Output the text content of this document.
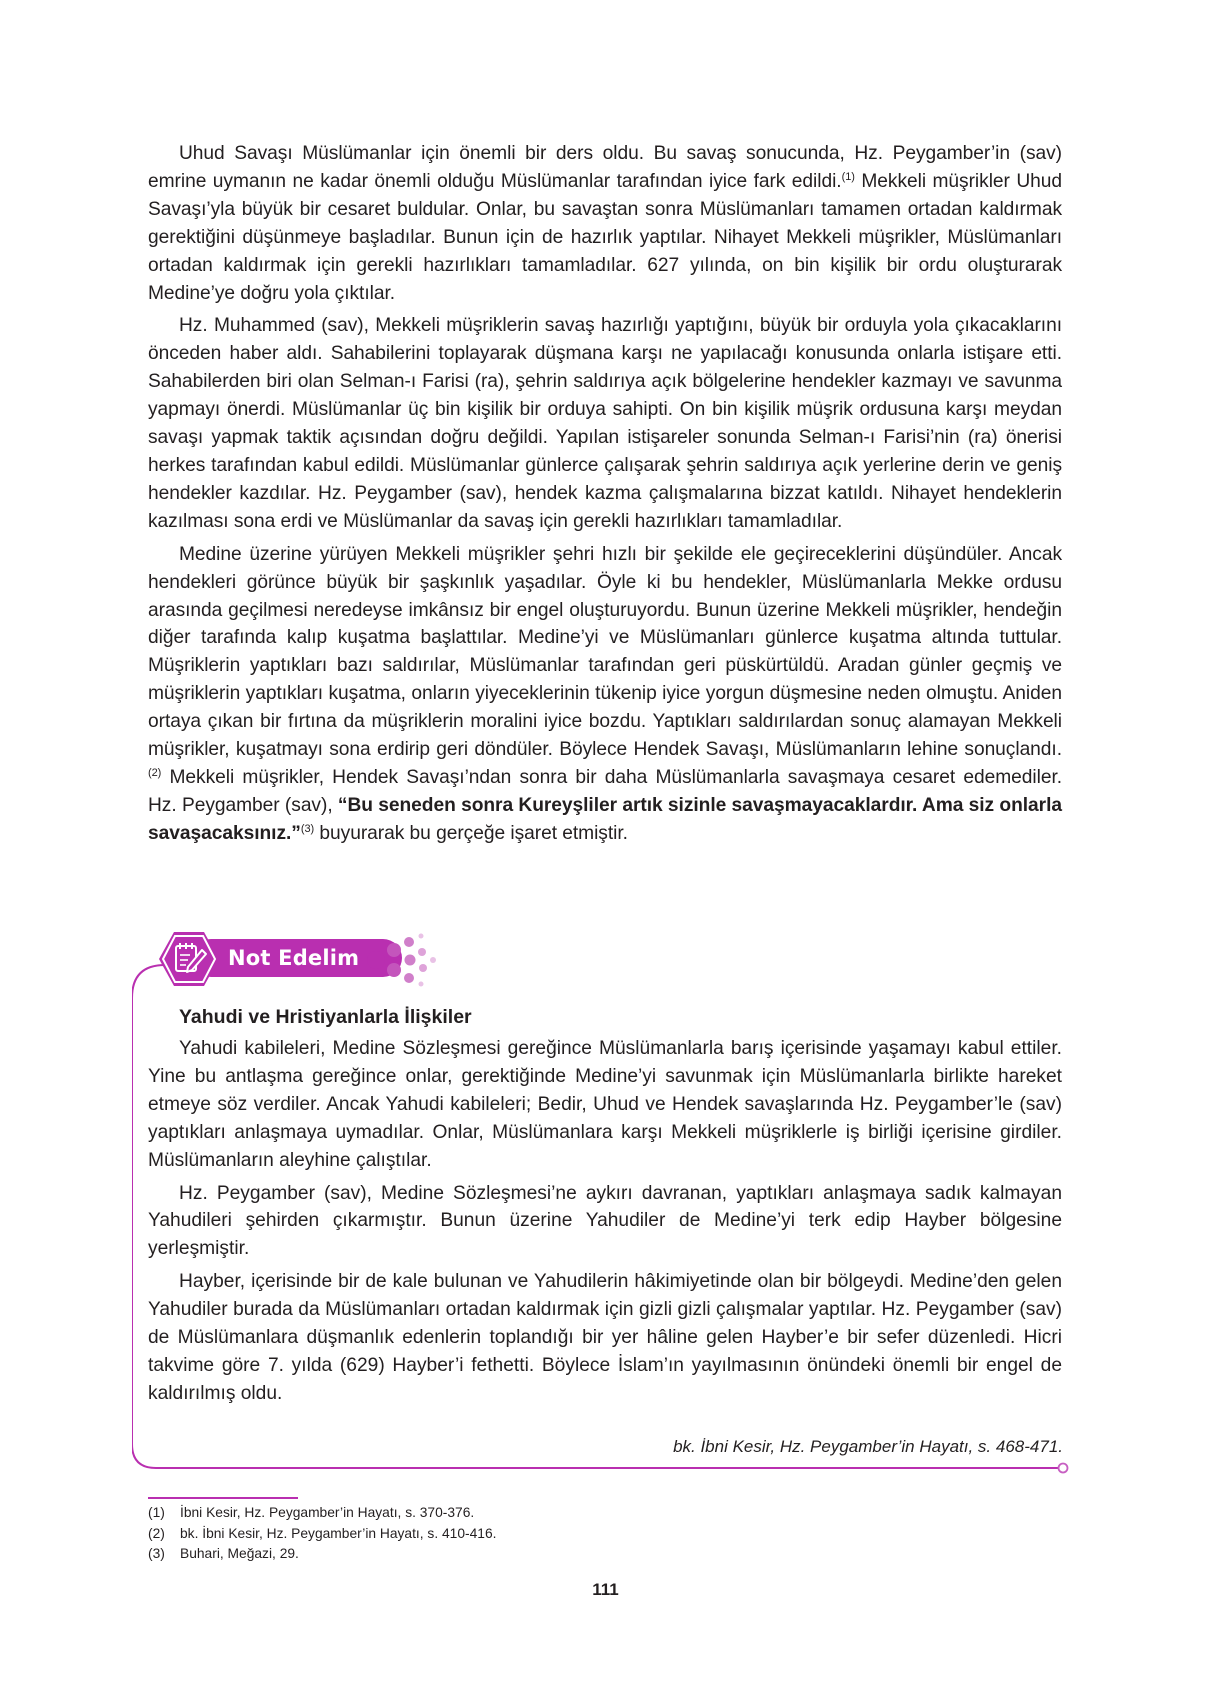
Uhud Savaşı Müslümanlar için önemli bir ders oldu. Bu savaş sonucunda, Hz. Peygamber’in (sav) emrine uymanın ne kadar önemli olduğu Müslümanlar tarafından iyice fark edildi.$^{(1)}$ Mekkeli müşrikler Uhud Savaşı’yla büyük bir cesaret buldular. Onlar, bu savaştan sonra Müslümanları tamamen ortadan kaldırmak gerektiğini düşünmeye başladılar. Bunun için de hazırlık yaptılar. Nihayet Mekkeli müşrikler, Müslümanları ortadan kaldırmak için gerekli hazırlıkları tamamladılar. 627 yılında, on bin kişilik bir ordu oluşturarak Medine’ye doğru yola çıktılar.

Hz. Muhammed (sav), Mekkeli müşriklerin savaş hazırlığı yaptığını, büyük bir orduyla yola çıkacaklarını önceden haber aldı. Sahabilerini toplayarak düşmana karşı ne yapılacağı konusunda onlarla istişare etti. Sahabilerden biri olan Selman-ı Farisi (ra), şehrin saldırıya açık bölgelerine hendekler kazmayı ve savunma yapmayı önerdi. Müslümanlar üç bin kişilik bir orduya sahipti. On bin kişilik müşrik ordusuna karşı meydan savaşı yapmak taktik açısından doğru değildi. Yapılan istişareler sonunda Selman-ı Farisi’nin (ra) önerisi herkes tarafından kabul edildi. Müslümanlar günlerce çalışarak şehrin saldırıya açık yerlerine derin ve geniş hendekler kazdılar. Hz. Peygamber (sav), hendek kazma çalışmalarına bizzat katıldı. Nihayet hendeklerin kazılması sona erdi ve Müslümanlar da savaş için gerekli hazırlıkları tamamladılar.

Medine üzerine yürüyen Mekkeli müşrikler şehri hızlı bir şekilde ele geçireceklerini düşündüler. Ancak hendekleri görünce büyük bir şaşkınlık yaşadılar. Öyle ki bu hendekler, Müslümanlarla Mekke ordusu arasında geçilmesi neredeyse imkânsız bir engel oluşturuyordu. Bunun üzerine Mekkeli müşrikler, hendeğin diğer tarafında kalıp kuşatma başlattılar. Medine’yi ve Müslümanları günlerce kuşatma altında tuttular. Müşriklerin yaptıkları bazı saldırılar, Müslümanlar tarafından geri püskürtüldü. Aradan günler geçmiş ve müşriklerin yaptıkları kuşatma, onların yiyeceklerinin tükenip iyice yorgun düşmesine neden olmuştu. Aniden ortaya çıkan bir fırtına da müşriklerin moralini iyice bozdu. Yaptıkları saldırılardan sonuç alamayan Mekkeli müşrikler, kuşatmayı sona erdirip geri döndüler. Böylece Hendek Savaşı, Müslümanların lehine sonuçlandı.$^{(2)}$ Mekkeli müşrikler, Hendek Savaşı’ndan sonra bir daha Müslümanlarla savaşmaya cesaret edemediler. Hz. Peygamber (sav), “Bu seneden sonra Kureyşliler artık sizinle savaşmayacaklardır. Ama siz onlarla savaşacaksınız.”$^{(3)}$ buyurarak bu gerçeğe işaret etmiştir.

Not Edelim

Yahudi ve Hristiyanlarla İlişkiler

Yahudi kabileleri, Medine Sözleşmesi gereğince Müslümanlarla barış içerisinde yaşamayı kabul ettiler. Yine bu antlaşma gereğince onlar, gerektiğinde Medine’yi savunmak için Müslümanlarla birlikte hareket etmeye söz verdiler. Ancak Yahudi kabileleri; Bedir, Uhud ve Hendek savaşlarında Hz. Peygamber’le (sav) yaptıkları anlaşmaya uymadılar. Onlar, Müslümanlara karşı Mekkeli müşriklerle iş birliği içerisine girdiler. Müslümanların aleyhine çalıştılar.

Hz. Peygamber (sav), Medine Sözleşmesi’ne aykırı davranan, yaptıkları anlaşmaya sadık kalmayan Yahudileri şehirden çıkarmıştır. Bunun üzerine Yahudiler de Medine’yi terk edip Hayber bölgesine yerleşmiştir.

Hayber, içerisinde bir de kale bulunan ve Yahudilerin hâkimiyetinde olan bir bölgeydi. Medine’den gelen Yahudiler burada da Müslümanları ortadan kaldırmak için gizli gizli çalışmalar yaptılar. Hz. Peygamber (sav) de Müslümanlara düşmanlık edenlerin toplandığı bir yer hâline gelen Hayber’e bir sefer düzenledi. Hicri takvime göre 7. yılda (629) Hayber’i fethetti. Böylece İslam’ın yayılmasının önündeki önemli bir engel de kaldırılmış oldu.

bk. İbni Kesir, Hz. Peygamber’in Hayatı, s. 468-471.

(1) İbni Kesir, Hz. Peygamber’in Hayatı, s. 370-376.

(2) bk. İbni Kesir, Hz. Peygamber’in Hayatı, s. 410-416.

(3) Buhari, Meğazi, 29.

111
